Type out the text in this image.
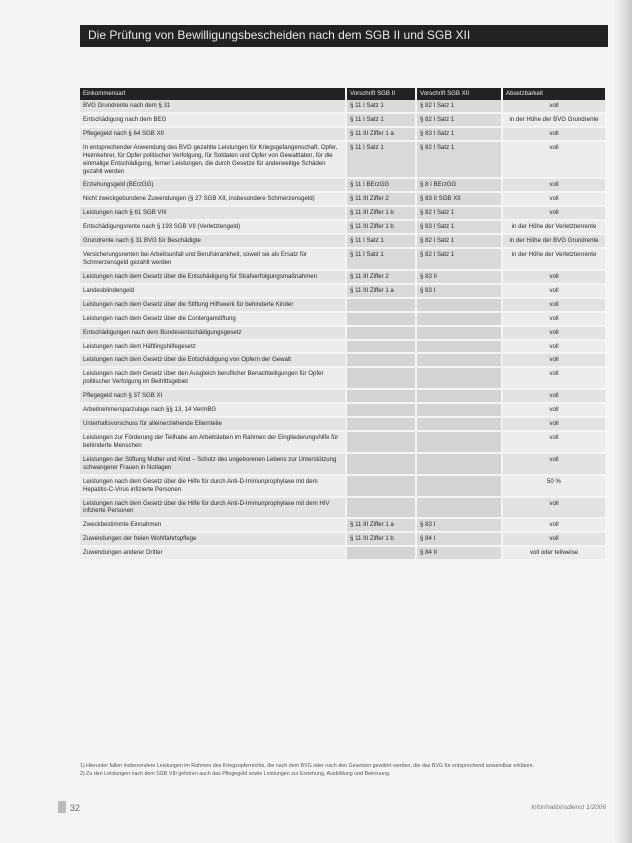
Die Prüfung von Bewilligungsbescheiden nach dem SGB II und SGB XII
Einkommensart	Vorschrift SGB II	Vorschrift SGB XII	Absetzbarkeit
BVG Grundrente nach dem § 31	§ 11 I Satz 1	§ 82 I Satz 1	voll
Entschädigung nach dem BEG	§ 11 I Satz 1	§ 82 I Satz 1	in der Höhe der BVG Grundrente
Pflegegeld nach § 64 SGB XII	§ 11 III Ziffer 1 a	§ 83 I Satz 1	voll
In entsprechender Anwendung des BVG gezahlte Leistungen für Kriegsgefangenschaft, Opfer, Heimkehrer, für Opfer politischer Verfolgung, für Soldaten und Opfer von Gewalttaten, für die einmalige Entschädigung, ferner Leistungen, die durch Gesetze für anderweitige Schäden gezahlt werden	§ 11 I Satz 1	§ 82 I Satz 1	voll
Erziehungsgeld (BErzGG)	§ 11 I BErzGG	§ 8 I BErzGG	voll
Nicht zweckgebundene Zuwendungen (§ 27 SGB XII, insbesondere Schmerzensgeld)	§ 11 III Ziffer 2	§ 83 II SGB XII	voll
Leistungen nach § 61 SGB VIII	§ 11 III Ziffer 1 b	§ 82 I Satz 1	voll
Entschädigungsrente nach § 193 SGB VII (Verletztengeld)	§ 11 III Ziffer 1 b	§ 83 I Satz 1	in der Höhe der Verletztenrente
Grundrente nach § 31 BVG für Beschädigte	§ 11 I Satz 1	§ 82 I Satz 1	in der Höhe der BVG Grundrente
Versicherungsrenten bei Arbeitsunfall und Berufskrankheit, soweit sie als Ersatz für Schmerzensgeld gezahlt werden	§ 11 I Satz 1	§ 82 I Satz 1	in der Höhe der Verletztenrente
Leistungen nach dem Gesetz über die Entschädigung für Strafverfolgungsmaßnahmen	§ 11 III Ziffer 2	§ 83 II	voll
Landesblindengeld	§ 11 III Ziffer 1 a	§ 83 I	voll
Leistungen nach dem Gesetz über die Stiftung Hilfswerk für behinderte Kinder			voll
Leistungen nach dem Gesetz über die Conterganstiftung			voll
Entschädigungen nach dem Bundesentschädigungsgesetz			voll
Leistungen nach dem Häftlingshilfegesetz			voll
Leistungen nach dem Gesetz über die Entschädigung von Opfern der Gewalt			voll
Leistungen nach dem Gesetz über den Ausgleich beruflicher Benachteiligungen für Opfer politischer Verfolgung im Beitrittsgebiet			voll
Pflegegeld nach § 37 SGB XI			voll
Arbeitnehmersparzulage nach §§ 13, 14 VermBG			voll
Unterhaltsvorschuss für alleinerziehende Elternteile			voll
Leistungen zur Förderung der Teilhabe am Arbeitsleben im Rahmen der Eingliederungshilfe für behinderte Menschen			voll
Leistungen der Stiftung Mutter und Kind – Schutz des ungeborenen Lebens zur Unterstützung schwangerer Frauen in Notlagen			voll
Leistungen nach dem Gesetz über die Hilfe für durch Anti-D-Immunprophylaxe mit dem Hepatitis-C-Virus infizierte Personen			50 %
Leistungen nach dem Gesetz über die Hilfe für durch Anti-D-Immunprophylaxe mit dem HIV infizierte Personen			voll
Zweckbestimmte Einnahmen	§ 11 III Ziffer 1 a	§ 83 I	voll
Zuwendungen der freien Wohlfahrtspflege	§ 11 III Ziffer 1 b	§ 84 I	voll
Zuwendungen anderer Dritter		§ 84 II	voll oder teilweise
1) Hierunter fallen insbesondere Leistungen im Rahmen des Kriegsopferrechts, die nach dem BVG oder nach den Gesetzen gewährt werden, die das BVG für entsprechend anwendbar erklären.
2) Zu den Leistungen nach dem SGB VIII gehören auch das Pflegegeld sowie Leistungen zur Erziehung, Ausbildung und Betreuung.
32	Informationsdienst 1/2006
